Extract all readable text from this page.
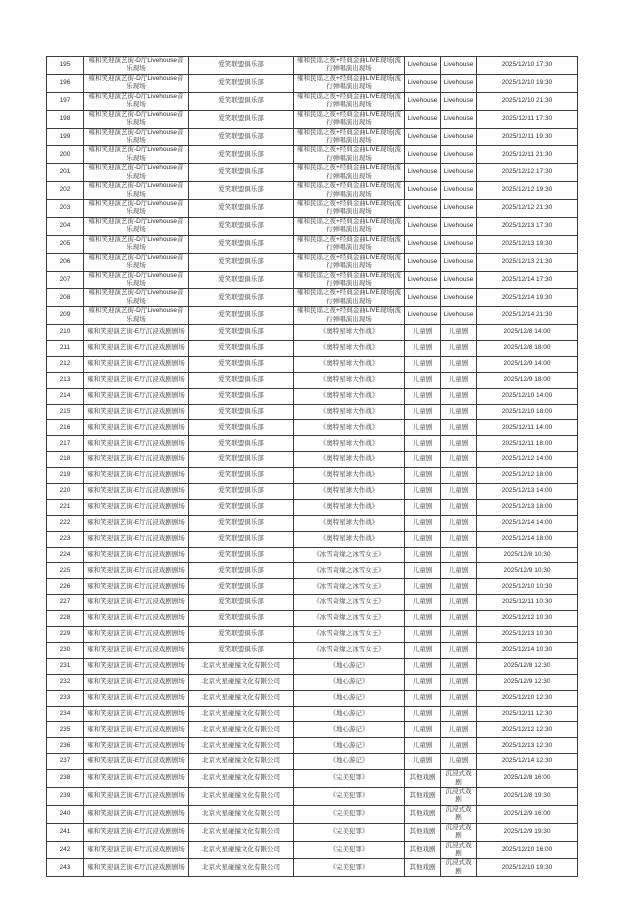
195	雍和笑迎演艺街-D厅Livehouse音乐现场	爱笑联盟俱乐部	雍和民谣之夜+经典金曲LIVE现场|流行弹唱演出现场	Livehouse	Livehouse	2025/12/10 17:30
196	雍和笑迎演艺街-D厅Livehouse音乐现场	爱笑联盟俱乐部	雍和民谣之夜+经典金曲LIVE现场|流行弹唱演出现场	Livehouse	Livehouse	2025/12/10 19:30
197	雍和笑迎演艺街-D厅Livehouse音乐现场	爱笑联盟俱乐部	雍和民谣之夜+经典金曲LIVE现场|流行弹唱演出现场	Livehouse	Livehouse	2025/12/10 21:30
198	雍和笑迎演艺街-D厅Livehouse音乐现场	爱笑联盟俱乐部	雍和民谣之夜+经典金曲LIVE现场|流行弹唱演出现场	Livehouse	Livehouse	2025/12/11 17:30
199	雍和笑迎演艺街-D厅Livehouse音乐现场	爱笑联盟俱乐部	雍和民谣之夜+经典金曲LIVE现场|流行弹唱演出现场	Livehouse	Livehouse	2025/12/11 19:30
200	雍和笑迎演艺街-D厅Livehouse音乐现场	爱笑联盟俱乐部	雍和民谣之夜+经典金曲LIVE现场|流行弹唱演出现场	Livehouse	Livehouse	2025/12/11 21:30
201	雍和笑迎演艺街-D厅Livehouse音乐现场	爱笑联盟俱乐部	雍和民谣之夜+经典金曲LIVE现场|流行弹唱演出现场	Livehouse	Livehouse	2025/12/12 17:30
202	雍和笑迎演艺街-D厅Livehouse音乐现场	爱笑联盟俱乐部	雍和民谣之夜+经典金曲LIVE现场|流行弹唱演出现场	Livehouse	Livehouse	2025/12/12 19:30
203	雍和笑迎演艺街-D厅Livehouse音乐现场	爱笑联盟俱乐部	雍和民谣之夜+经典金曲LIVE现场|流行弹唱演出现场	Livehouse	Livehouse	2025/12/12 21:30
204	雍和笑迎演艺街-D厅Livehouse音乐现场	爱笑联盟俱乐部	雍和民谣之夜+经典金曲LIVE现场|流行弹唱演出现场	Livehouse	Livehouse	2025/12/13 17:30
205	雍和笑迎演艺街-D厅Livehouse音乐现场	爱笑联盟俱乐部	雍和民谣之夜+经典金曲LIVE现场|流行弹唱演出现场	Livehouse	Livehouse	2025/12/13 19:30
206	雍和笑迎演艺街-D厅Livehouse音乐现场	爱笑联盟俱乐部	雍和民谣之夜+经典金曲LIVE现场|流行弹唱演出现场	Livehouse	Livehouse	2025/12/13 21:30
207	雍和笑迎演艺街-D厅Livehouse音乐现场	爱笑联盟俱乐部	雍和民谣之夜+经典金曲LIVE现场|流行弹唱演出现场	Livehouse	Livehouse	2025/12/14 17:30
208	雍和笑迎演艺街-D厅Livehouse音乐现场	爱笑联盟俱乐部	雍和民谣之夜+经典金曲LIVE现场|流行弹唱演出现场	Livehouse	Livehouse	2025/12/14 19:30
209	雍和笑迎演艺街-D厅Livehouse音乐现场	爱笑联盟俱乐部	雍和民谣之夜+经典金曲LIVE现场|流行弹唱演出现场	Livehouse	Livehouse	2025/12/14 21:30
210	雍和笑迎演艺街-E厅沉浸戏剧剧场	爱笑联盟俱乐部	《奥特星球大作战》	儿童剧	儿童剧	2025/12/8 14:00
211	雍和笑迎演艺街-E厅沉浸戏剧剧场	爱笑联盟俱乐部	《奥特星球大作战》	儿童剧	儿童剧	2025/12/8 18:00
212	雍和笑迎演艺街-E厅沉浸戏剧剧场	爱笑联盟俱乐部	《奥特星球大作战》	儿童剧	儿童剧	2025/12/9 14:00
213	雍和笑迎演艺街-E厅沉浸戏剧剧场	爱笑联盟俱乐部	《奥特星球大作战》	儿童剧	儿童剧	2025/12/9 18:00
214	雍和笑迎演艺街-E厅沉浸戏剧剧场	爱笑联盟俱乐部	《奥特星球大作战》	儿童剧	儿童剧	2025/12/10 14:00
215	雍和笑迎演艺街-E厅沉浸戏剧剧场	爱笑联盟俱乐部	《奥特星球大作战》	儿童剧	儿童剧	2025/12/10 18:00
216	雍和笑迎演艺街-E厅沉浸戏剧剧场	爱笑联盟俱乐部	《奥特星球大作战》	儿童剧	儿童剧	2025/12/11 14:00
217	雍和笑迎演艺街-E厅沉浸戏剧剧场	爱笑联盟俱乐部	《奥特星球大作战》	儿童剧	儿童剧	2025/12/11 18:00
218	雍和笑迎演艺街-E厅沉浸戏剧剧场	爱笑联盟俱乐部	《奥特星球大作战》	儿童剧	儿童剧	2025/12/12 14:00
219	雍和笑迎演艺街-E厅沉浸戏剧剧场	爱笑联盟俱乐部	《奥特星球大作战》	儿童剧	儿童剧	2025/12/12 18:00
220	雍和笑迎演艺街-E厅沉浸戏剧剧场	爱笑联盟俱乐部	《奥特星球大作战》	儿童剧	儿童剧	2025/12/13 14:00
221	雍和笑迎演艺街-E厅沉浸戏剧剧场	爱笑联盟俱乐部	《奥特星球大作战》	儿童剧	儿童剧	2025/12/13 18:00
222	雍和笑迎演艺街-E厅沉浸戏剧剧场	爱笑联盟俱乐部	《奥特星球大作战》	儿童剧	儿童剧	2025/12/14 14:00
223	雍和笑迎演艺街-E厅沉浸戏剧剧场	爱笑联盟俱乐部	《奥特星球大作战》	儿童剧	儿童剧	2025/12/14 18:00
224	雍和笑迎演艺街-E厅沉浸戏剧剧场	爱笑联盟俱乐部	《冰雪奇缘之冰雪女王》	儿童剧	儿童剧	2025/12/8 10:30
225	雍和笑迎演艺街-E厅沉浸戏剧剧场	爱笑联盟俱乐部	《冰雪奇缘之冰雪女王》	儿童剧	儿童剧	2025/12/9 10:30
226	雍和笑迎演艺街-E厅沉浸戏剧剧场	爱笑联盟俱乐部	《冰雪奇缘之冰雪女王》	儿童剧	儿童剧	2025/12/10 10:30
227	雍和笑迎演艺街-E厅沉浸戏剧剧场	爱笑联盟俱乐部	《冰雪奇缘之冰雪女王》	儿童剧	儿童剧	2025/12/11 10:30
228	雍和笑迎演艺街-E厅沉浸戏剧剧场	爱笑联盟俱乐部	《冰雪奇缘之冰雪女王》	儿童剧	儿童剧	2025/12/12 10:30
229	雍和笑迎演艺街-E厅沉浸戏剧剧场	爱笑联盟俱乐部	《冰雪奇缘之冰雪女王》	儿童剧	儿童剧	2025/12/13 10:30
230	雍和笑迎演艺街-E厅沉浸戏剧剧场	爱笑联盟俱乐部	《冰雪奇缘之冰雪女王》	儿童剧	儿童剧	2025/12/14 10:30
231	雍和笑迎演艺街-E厅沉浸戏剧剧场	北京火星碰撞文化有限公司	《地心游记》	儿童剧	儿童剧	2025/12/8 12:30
232	雍和笑迎演艺街-E厅沉浸戏剧剧场	北京火星碰撞文化有限公司	《地心游记》	儿童剧	儿童剧	2025/12/9 12:30
233	雍和笑迎演艺街-E厅沉浸戏剧剧场	北京火星碰撞文化有限公司	《地心游记》	儿童剧	儿童剧	2025/12/10 12:30
234	雍和笑迎演艺街-E厅沉浸戏剧剧场	北京火星碰撞文化有限公司	《地心游记》	儿童剧	儿童剧	2025/12/11 12:30
235	雍和笑迎演艺街-E厅沉浸戏剧剧场	北京火星碰撞文化有限公司	《地心游记》	儿童剧	儿童剧	2025/12/12 12:30
236	雍和笑迎演艺街-E厅沉浸戏剧剧场	北京火星碰撞文化有限公司	《地心游记》	儿童剧	儿童剧	2025/12/13 12:30
237	雍和笑迎演艺街-E厅沉浸戏剧剧场	北京火星碰撞文化有限公司	《地心游记》	儿童剧	儿童剧	2025/12/14 12:30
238	雍和笑迎演艺街-E厅沉浸戏剧剧场	北京火星碰撞文化有限公司	《完美犯罪》	其他戏剧	沉浸式戏剧	2025/12/8 16:00
239	雍和笑迎演艺街-E厅沉浸戏剧剧场	北京火星碰撞文化有限公司	《完美犯罪》	其他戏剧	沉浸式戏剧	2025/12/8 19:30
240	雍和笑迎演艺街-E厅沉浸戏剧剧场	北京火星碰撞文化有限公司	《完美犯罪》	其他戏剧	沉浸式戏剧	2025/12/9 16:00
241	雍和笑迎演艺街-E厅沉浸戏剧剧场	北京火星碰撞文化有限公司	《完美犯罪》	其他戏剧	沉浸式戏剧	2025/12/9 19:30
242	雍和笑迎演艺街-E厅沉浸戏剧剧场	北京火星碰撞文化有限公司	《完美犯罪》	其他戏剧	沉浸式戏剧	2025/12/10 16:00
243	雍和笑迎演艺街-E厅沉浸戏剧剧场	北京火星碰撞文化有限公司	《完美犯罪》	其他戏剧	沉浸式戏剧	2025/12/10 19:30
